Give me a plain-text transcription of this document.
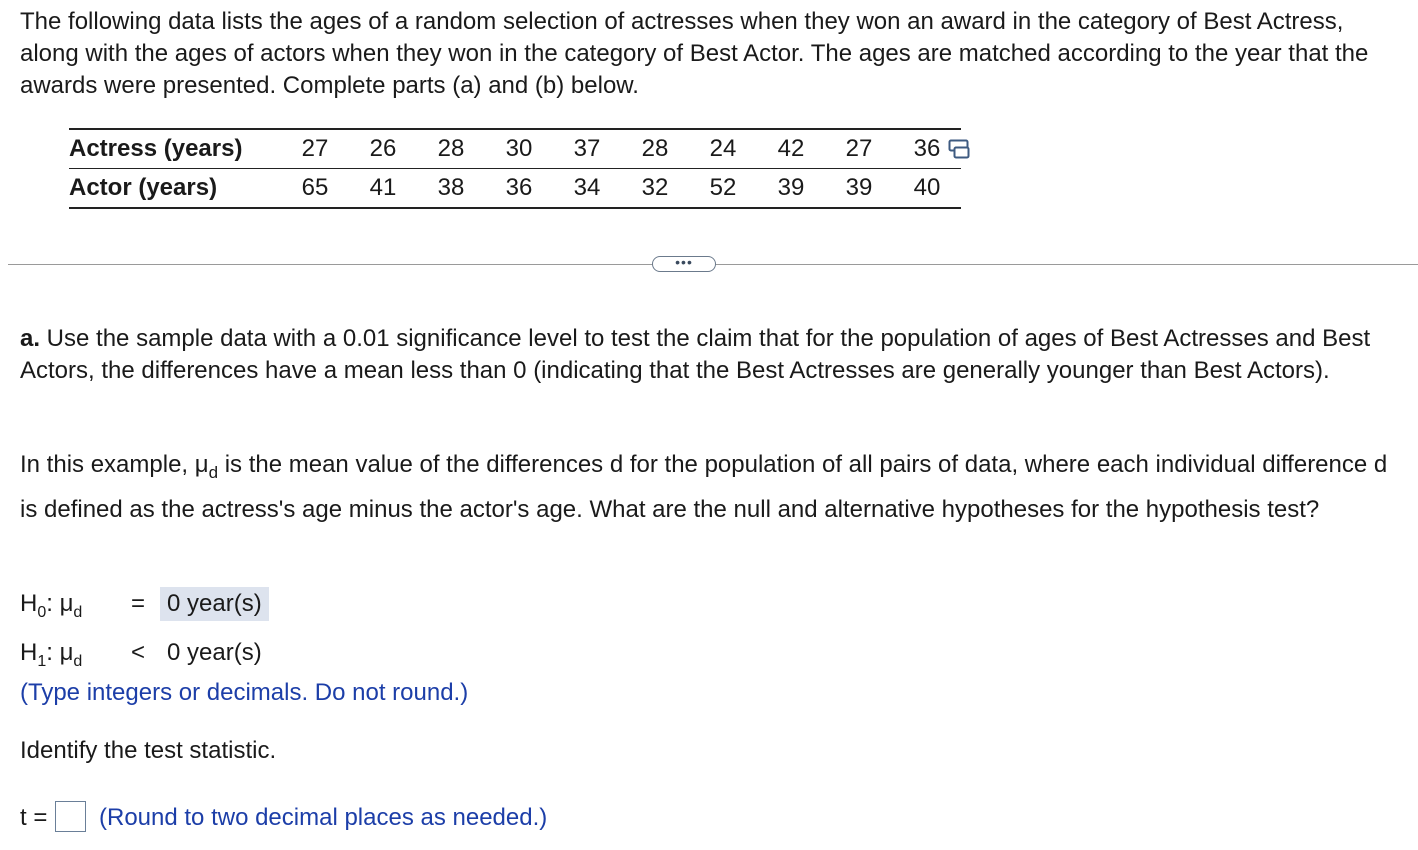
The following data lists the ages of a random selection of actresses when they won an award in the category of Best Actress, along with the ages of actors when they won in the category of Best Actor. The ages are matched according to the year that the awards were presented. Complete parts (a) and (b) below.
Actress (years)	27	26	28	30	37	28	24	42	27	36
Actor (years)	65	41	38	36	34	32	52	39	39	40
•••
a. Use the sample data with a 0.01 significance level to test the claim that for the population of ages of Best Actresses and Best Actors, the differences have a mean less than 0 (indicating that the Best Actresses are generally younger than Best Actors).
In this example, $\mu_d$ is the mean value of the differences d for the population of all pairs of data, where each individual difference d is defined as the actress's age minus the actor's age. What are the null and alternative hypotheses for the hypothesis test?
$H_0$: $\mu_d = 0$ year(s)
$H_1$: $\mu_d < 0$ year(s)
(Type integers or decimals. Do not round.)
Identify the test statistic.
t = (Round to two decimal places as needed.)
